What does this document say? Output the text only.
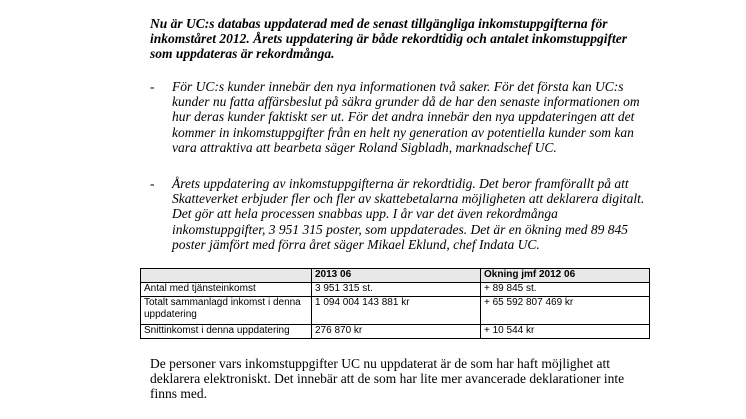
Nu är UC:s databas uppdaterad med de senast tillgängliga inkomstuppgifterna för inkomståret 2012. Årets uppdatering är både rekordtidig och antalet inkomstuppgifter som uppdateras är rekordmånga.
- För UC:s kunder innebär den nya informationen två saker. För det första kan UC:s kunder nu fatta affärsbeslut på säkra grunder då de har den senaste informationen om hur deras kunder faktiskt ser ut. För det andra innebär den nya uppdateringen att det kommer in inkomstuppgifter från en helt ny generation av potentiella kunder som kan vara attraktiva att bearbeta säger Roland Sigbladh, marknadschef UC.
- Årets uppdatering av inkomstuppgifterna är rekordtidig. Det beror framförallt på att Skatteverket erbjuder fler och fler av skattebetalarna möjligheten att deklarera digitalt. Det gör att hela processen snabbas upp. I år var det även rekordmånga inkomstuppgifter, 3 951 315 poster, som uppdaterades. Det är en ökning med 89 845 poster jämfört med förra året säger Mikael Eklund, chef Indata UC.
	2013 06	Ökning jmf 2012 06
Antal med tjänsteinkomst	3 951 315 st.	+ 89 845 st.
Totalt sammanlagd inkomst i denna uppdatering	1 094 004 143 881 kr	+ 65 592 807 469 kr
Snittinkomst i denna uppdatering	276 870 kr	+ 10 544 kr
De personer vars inkomstuppgifter UC nu uppdaterat är de som har haft möjlighet att deklarera elektroniskt. Det innebär att de som har lite mer avancerade deklarationer inte finns med.
